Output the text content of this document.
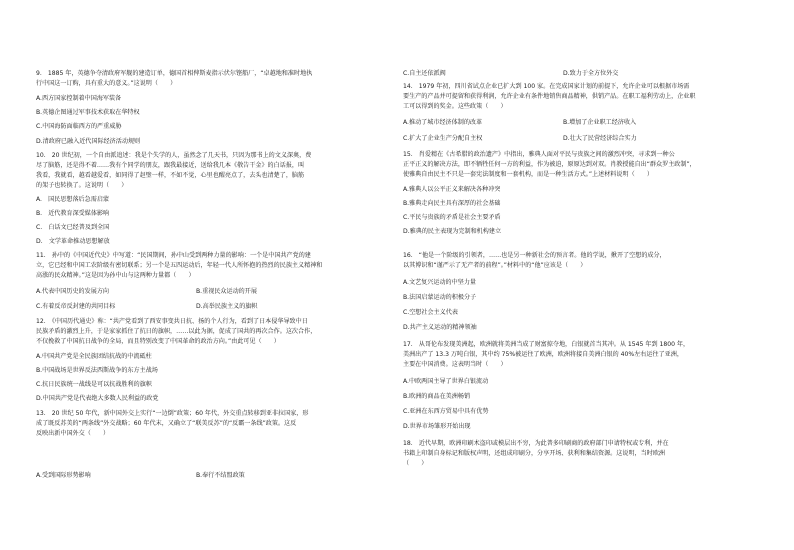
9.　1885 年，英德争夺清政府军舰的建造订单，德国首相俾斯麦指示伏尔铿船厂，“卓越地和准时地执
行中国这一订购，具有重大的意义。”这说明（　　）
A.西方国家控制着中国海军装备
B.英德企图通过军事技术获取在华特权
C.中国海防面临西方的严重威胁
D.清政府已融入近代国际经济活动规则
10.　20 世纪初，一个自由派追述：我是个失学的人，虽然念了几天书，只因为那书上的文义深奥，费
尽了脑筋，还是得不着……我有个同学的朋友，跟我最接近，送给我几本《敬告干金》的白话报，叫
我看，我就看，越看越爱看，如同得了赵璧一样，不如不觉，心里也醒亮点了，去头也清楚了，脑筋
的架子也转换了。这说明（　　）
A.　国民思想落后急需启蒙
B.　近代教育深受媒体影响
C.　白话文已经普及到全国
D.　文学革命推动思想解放
11.　孙中的《中国近代史》中写道：“民国期间，孙中山受到两种力量的影响：一个是中国共产党的建
立，它已经和中国工农阶级有密切联系；另一个是五四运动后，年轻一代人所怀抱的热烈的民族主义精神和
高涨的民众精神。”这是因为孙中山与这两种力量都（　　）
A.代表中国历史的发展方向	B.重视民众运动的开展
C.有着反帝反封建的共同目标	D.高举民族主义的旗帜
12.　《中国历代通史》称：“共产党看到了西安事变共日抗、扬的个人行为，看到了日本侵华导致中日
民族矛盾的激烈上升，于是家家抓住了抗日的旗帜，……以此为据，促成了国共的再次合作。这次合作，
不仅挽救了中国抗日战争的全局，而且特别改变了中国革命的政治方向。”由此可见（　　）
A.中国共产党是全民族团结抗战的中流砥柱
B.中国战场是世界反法西斯战争的东方主战场
C.抗日民族统一战线是可以抗战胜利的旗帜
D.中国共产党是代表绝大多数人民利益的政党
13.　20 世纪 50 年代，新中国外交上实行“一边倒”政策；60 年代，外交重点转移到亚非拉国家，形
成了既反苏美的“两条线”外交战略；60 年代末，又确立了“联美反苏”的“反霸一条线”政策。这反
反映出新中国外交（　　）
A.受到国际形势影响	B.奉行不结盟政策
C.自主还依派阀	D.致力于全方位外交
14.　1979 年初，四川省试点企业已扩大到 100 家。在完成国家计划的前提下，允许企业可以根据市场需
要生产的产品并可提留和获得利润，允许企业有条件地销售商品精神，供销产品。在职工福利劳动上，企业职
工可以得到的奖金。这些政策（　　）
A.推动了城市经济体制的改革	B.增加了企业职工经济收入
C.扩大了企业生产分配自主权	D.壮大了民营经济综合实力
15.　肖爱精在《古希腊的政治遗产》中指出，雅典人面对平民与贵族之间的激烈冲突，寻求到一种公
正平正义的解决方法，即不牺牲任何一方的利益，作为被迫，原原达到对双。肖教授能自出“群众罗主政制”，
使雅典自由民主不只是一套宪法制度和一套机构，而是一种生活方式。”上述材料说明（　　）
A.雅典人以公平正义来解决各种冲突
B.雅典走向民主具有深厚的社会基础
C.平民与贵族的矛盾是社会主要矛盾
D.雅典的民主表现为完制和机构建立
16.　“他是一个阶级的引领者，……也是另一种新社会的预言者。他的学说，揪开了空想的成分，
以其博识和“谨严示了无产者的前程”。”材料中的“他”应该是（　　）
A.文艺复兴运动的中坚力量
B.法国启蒙运动的积极分子
C.空想社会主义代表
D.共产主义运动的精神领袖
17.　从哥伦布发现美洲起，欧洲就将美洲当成了财富掠夺地，白银就首当其冲。从 1545 年到 1800 年，
美洲出产了 13.3 万吨白银，其中约 75%被运往了欧洲，欧洲将接自美洲白银的 40%左右运往了亚洲，
主要在中国消费。这表明当时（　　）
A.中欧两国主导了世界白银流动
B.欧洲的商品在美洲畅销
C.亚洲在东西方贸易中具有优势
D.世界市场雏形开始出现
18.　近代早期，欧洲印刷术盗印或模层出不穷，为此普多印刷商的政府部门申请特权或专利，并在
书籍上印制自身标记和版权声明，还组成印刷分，分享开场、获利和集结资源。这说明，当时欧洲
（　　）
